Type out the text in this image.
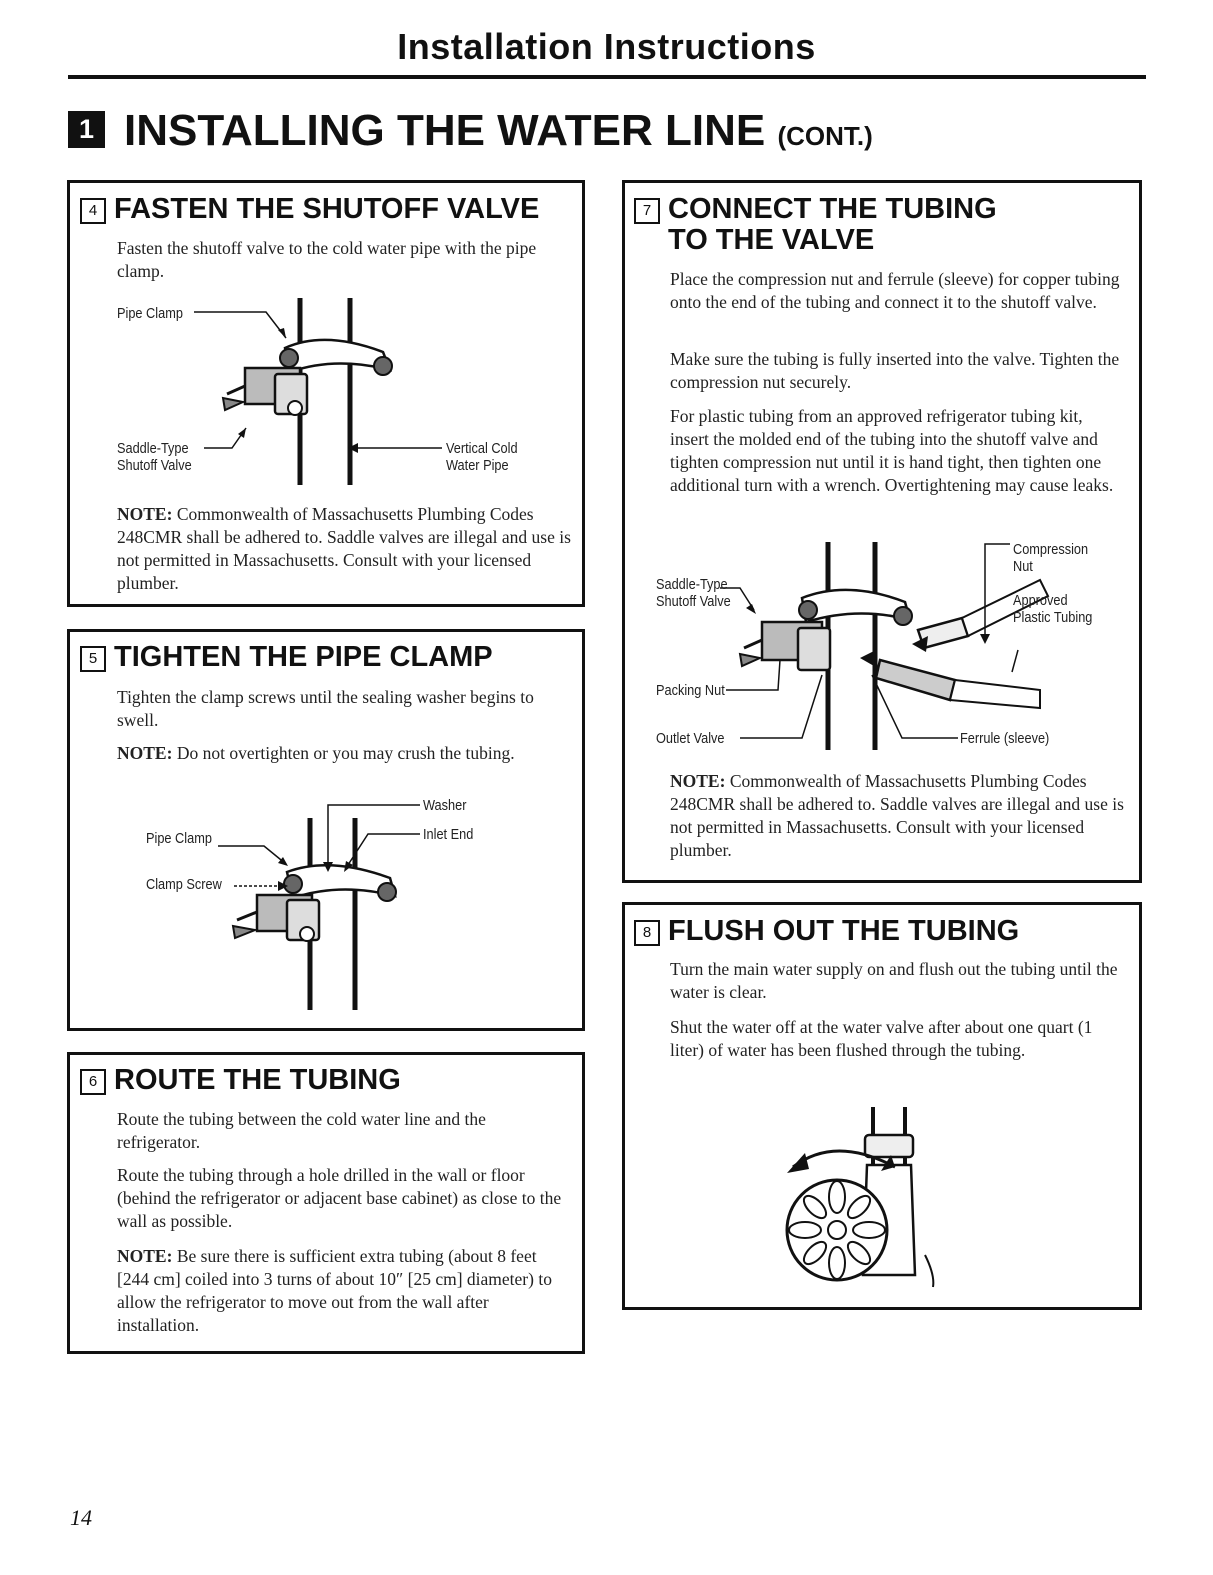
Installation Instructions
1 INSTALLING THE WATER LINE (CONT.)
4 FASTEN THE SHUTOFF VALVE

Fasten the shutoff valve to the cold water pipe with the pipe clamp.

Pipe Clamp
Saddle-Type
Shutoff Valve
Vertical Cold
Water Pipe

NOTE: Commonwealth of Massachusetts Plumbing Codes 248CMR shall be adhered to. Saddle valves are illegal and use is not permitted in Massachusetts. Consult with your licensed plumber.

5 TIGHTEN THE PIPE CLAMP

Tighten the clamp screws until the sealing washer begins to swell.

NOTE: Do not overtighten or you may crush the tubing.

Washer
Inlet End
Pipe Clamp
Clamp Screw
6 ROUTE THE TUBING

Route the tubing between the cold water line and the refrigerator.

Route the tubing through a hole drilled in the wall or floor (behind the refrigerator or adjacent base cabinet) as close to the wall as possible.

NOTE: Be sure there is sufficient extra tubing (about 8 feet [244 cm] coiled into 3 turns of about 10″ [25 cm] diameter) to allow the refrigerator to move out from the wall after installation.

7 CONNECT THE TUBING
TO THE VALVE

Place the compression nut and ferrule (sleeve) for copper tubing onto the end of the tubing and connect it to the shutoff valve.

Make sure the tubing is fully inserted into the valve. Tighten the compression nut securely.

For plastic tubing from an approved refrigerator tubing kit, insert the molded end of the tubing into the shutoff valve and tighten compression nut until it is hand tight, then tighten one additional turn with a wrench. Overtightening may cause leaks.

Compression
Nut
Approved
Plastic Tubing
Saddle-Type
Shutoff Valve
Packing Nut
Outlet Valve	Ferrule (sleeve)

NOTE: Commonwealth of Massachusetts Plumbing Codes 248CMR shall be adhered to. Saddle valves are illegal and use is not permitted in Massachusetts. Consult with your licensed plumber.

8 FLUSH OUT THE TUBING

Turn the main water supply on and flush out the tubing until the water is clear.

Shut the water off at the water valve after about one quart (1 liter) of water has been flushed through the tubing.

14
